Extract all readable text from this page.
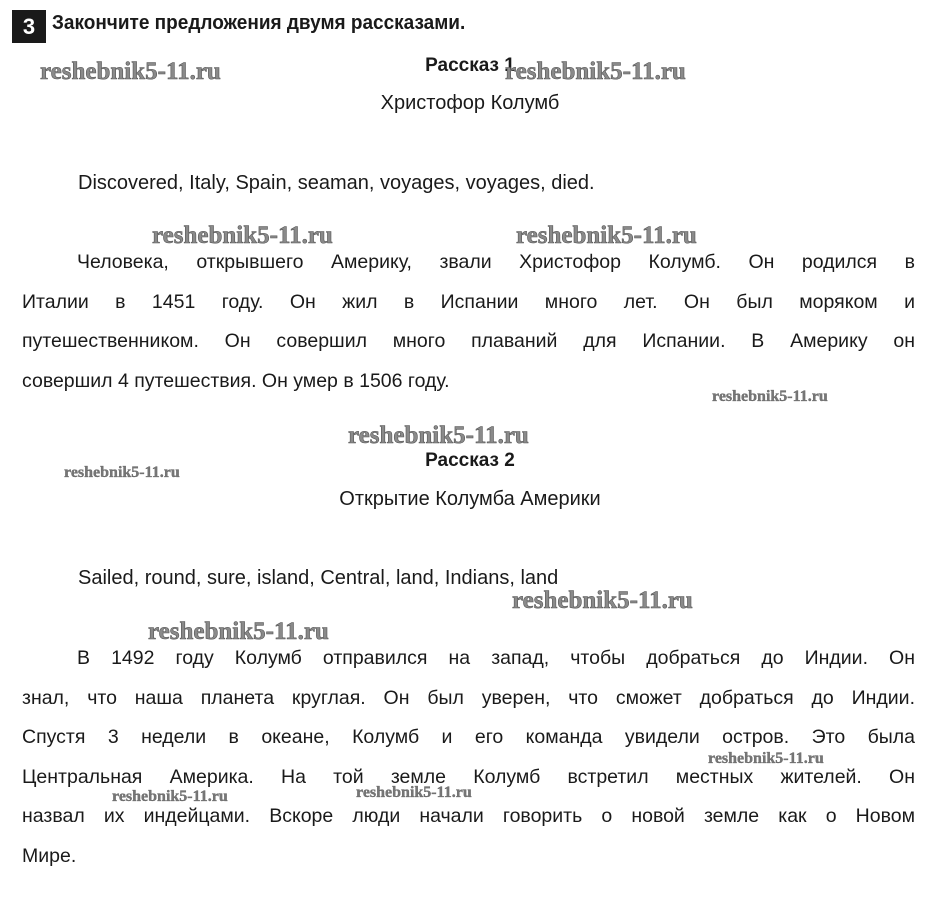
3 Закончите предложения двумя рассказами.
Рассказ 1
Христофор Колумб
Discovered, Italy, Spain, seaman, voyages, voyages, died.
Человека, открывшего Америку, звали Христофор Колумб. Он родился в
Италии в 1451 году. Он жил в Испании много лет. Он был моряком и
путешественником. Он совершил много плаваний для Испании. В Америку он
совершил 4 путешествия. Он умер в 1506 году.
Рассказ 2
Открытие Колумба Америки
Sailed, round, sure, island, Central, land, Indians, land
В 1492 году Колумб отправился на запад, чтобы добраться до Индии. Он
знал, что наша планета круглая. Он был уверен, что сможет добраться до Индии.
Спустя 3 недели в океане, Колумб и его команда увидели остров. Это была
Центральная Америка. На той земле Колумб встретил местных жителей. Он
назвал их индейцами. Вскоре люди начали говорить о новой земле как о Новом
Мире.
reshebnik5-11.ru	reshebnik5-11.ru
reshebnik5-11.ru	reshebnik5-11.ru
reshebnik5-11.ru
reshebnik5-11.ru
reshebnik5-11.ru
reshebnik5-11.ru
reshebnik5-11.ru
reshebnik5-11.ru
reshebnik5-11.ru	reshebnik5-11.ru
